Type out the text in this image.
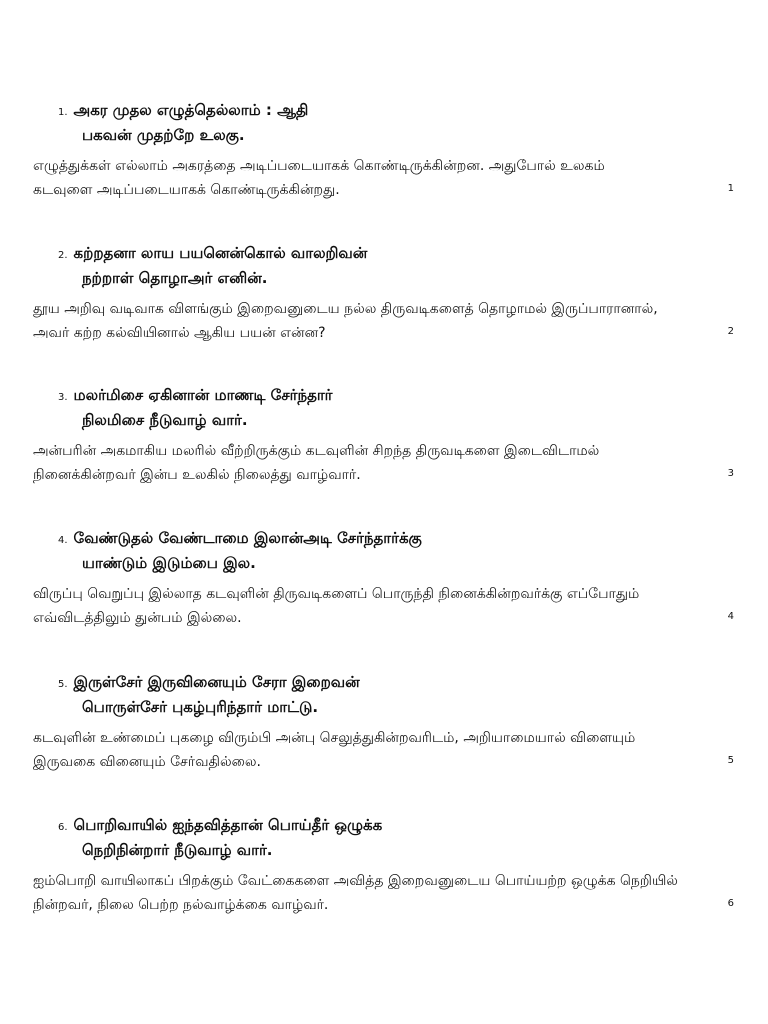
1. அகர முதல எழுத்தெல்லாம் : ஆதி
பகவன் முதற்றே உலகு.
எழுத்துக்கள் எல்லாம் அகரத்தை அடிப்படையாகக் கொண்டிருக்கின்றன. அதுபோல் உலகம்
கடவுளை அடிப்படையாகக் கொண்டிருக்கின்றது.	1
2. கற்றதனா லாய பயனென்கொல் வாலறிவன்
நற்றாள் தொழாஅர் எனின்.
தூய அறிவு வடிவாக விளங்கும் இறைவனுடைய நல்ல திருவடிகளைத் தொழாமல் இருப்பாரானால்,
அவர் கற்ற கல்வியினால் ஆகிய பயன் என்ன?	2
3. மலர்மிசை ஏகினான் மாணடி சேர்ந்தார்
நிலமிசை நீடுவாழ் வார்.
அன்பரின் அகமாகிய மலரில் வீற்றிருக்கும் கடவுளின் சிறந்த திருவடிகளை இடைவிடாமல்
நினைக்கின்றவர் இன்ப உலகில் நிலைத்து வாழ்வார்.	3
4. வேண்டுதல் வேண்டாமை இலான்அடி சேர்ந்தார்க்கு
யாண்டும் இடும்பை இல.
விருப்பு வெறுப்பு இல்லாத கடவுளின் திருவடிகளைப் பொருந்தி நினைக்கின்றவர்க்கு எப்போதும்
எவ்விடத்திலும் துன்பம் இல்லை.	4
5. இருள்சேர் இருவினையும் சேரா இறைவன்
பொருள்சேர் புகழ்புரிந்தார் மாட்டு.
கடவுளின் உண்மைப் புகழை விரும்பி அன்பு செலுத்துகின்றவரிடம், அறியாமையால் விளையும்
இருவகை வினையும் சேர்வதில்லை.	5
6. பொறிவாயில் ஐந்தவித்தான் பொய்தீர் ஒழுக்க
நெறிநின்றார் நீடுவாழ் வார்.
ஐம்பொறி வாயிலாகப் பிறக்கும் வேட்கைகளை அவித்த இறைவனுடைய பொய்யற்ற ஒழுக்க நெறியில்
நின்றவர், நிலை பெற்ற நல்வாழ்க்கை வாழ்வர்.	6
